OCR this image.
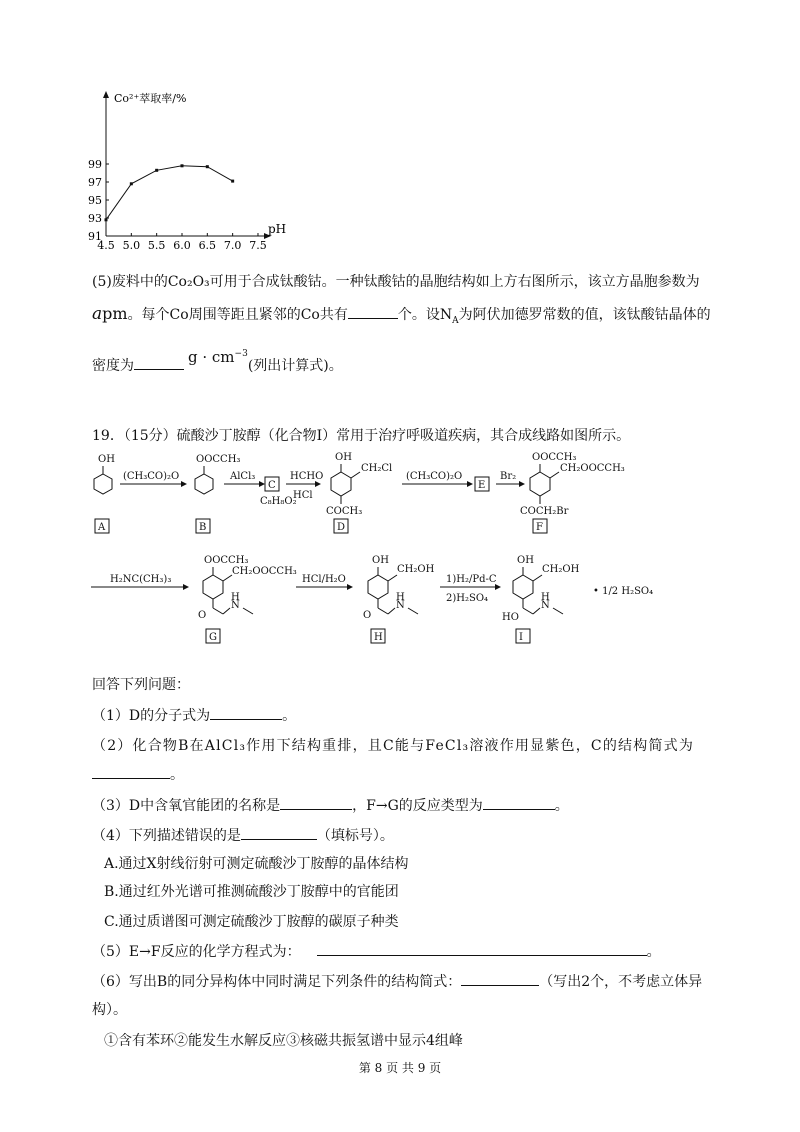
Co²⁺萃取率/%
pH
4.5 5.0 5.5 6.0 6.5 7.0 7.5
91
93
95
97
99
(5)废料中的Co₂O₃可用于合成钛酸钴。一种钛酸钴的晶胞结构如上方右图所示，该立方晶胞参数为
apm。每个Co周围等距且紧邻的Co共有	个。设$N_A$为阿伏加德罗常数的值，该钛酸钴晶体的
密度为	$g \cdot cm^{-3}$(列出计算式)。
19．（15分）硫酸沙丁胺醇（化合物Ⅰ）常用于治疗呼吸道疾病，其合成线路如图所示。
OH
(CH₃CO)₂O
OOCCH₃
AlCl₃
C₈H₈O₂
HCHO
HCl
OH
CH₂Cl
COCH₃
(CH₃CO)₂O	Br₂
OOCCH₃
CH₂OOCCH₃
COCH₂Br
A	B
C
D
E
F
H₂NC(CH₃)₃
OOCCH₃
CH₂OOCCH₃
O
N
H
G
HCl/H₂O
OH
CH₂OH
O
N
H
H
1)H₂/Pd-C
2)H₂SO₄
OH
CH₂OH
HO
N
H
I
• 1/2 H₂SO₄
回答下列问题：
（1）D的分子式为	。
（2）化合物B在AlCl₃作用下结构重排，且C能与FeCl₃溶液作用显紫色，C的结构简式为
。
（3）D中含氧官能团的名称是	，F→G的反应类型为	。
（4）下列描述错误的是	（填标号）。
A.通过X射线衍射可测定硫酸沙丁胺醇的晶体结构
B.通过红外光谱可推测硫酸沙丁胺醇中的官能团
C.通过质谱图可测定硫酸沙丁胺醇的碳原子种类
（5）E→F反应的化学方程式为：	。
（6）写出B的同分异构体中同时满足下列条件的结构简式：	（写出2个，不考虑立体异
构）。
①含有苯环②能发生水解反应③核磁共振氢谱中显示4组峰
第 8 页 共 9 页
